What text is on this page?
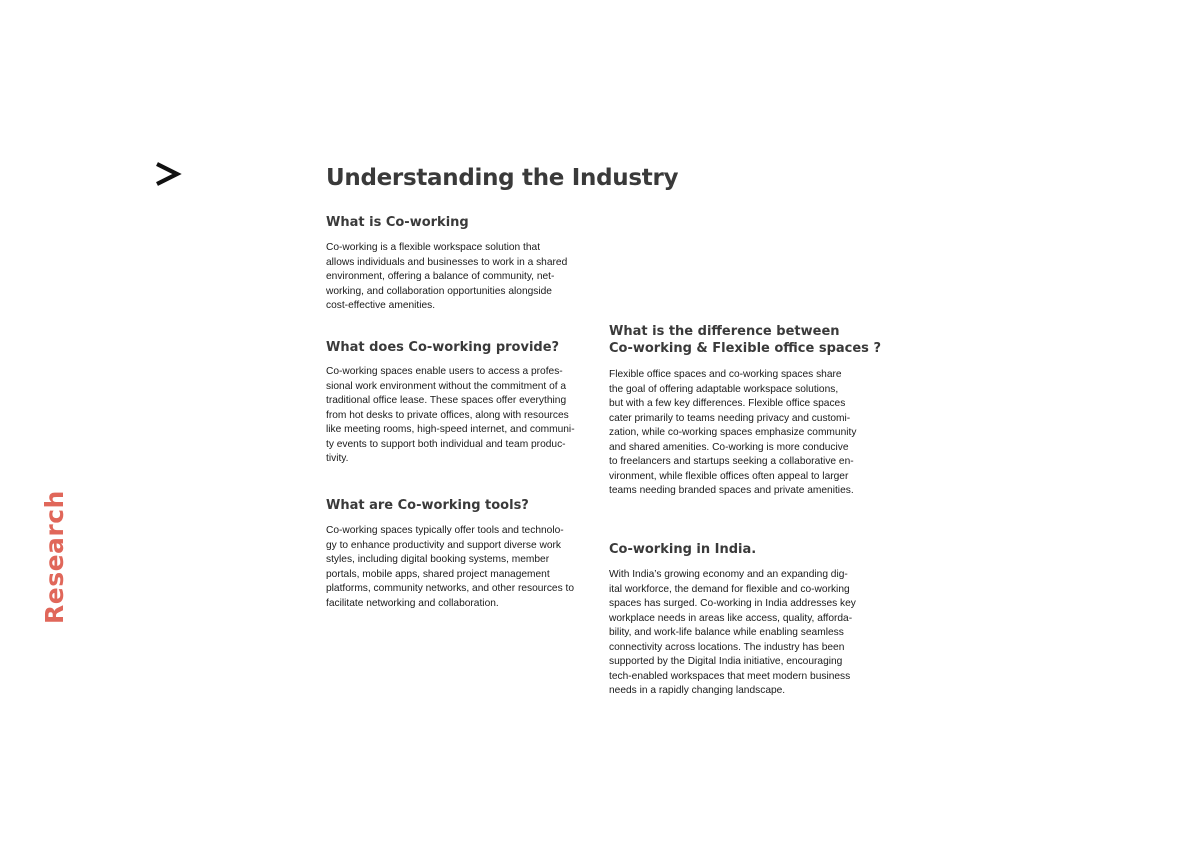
Research
Understanding the Industry
What is Co-working

Co-working is a flexible workspace solution that
allows individuals and businesses to work in a shared
environment, offering a balance of community, net-
working, and collaboration opportunities alongside
cost-effective amenities.

What does Co-working provide?

Co-working spaces enable users to access a profes-
sional work environment without the commitment of a
traditional office lease. These spaces offer everything
from hot desks to private offices, along with resources
like meeting rooms, high-speed internet, and communi-
ty events to support both individual and team produc-
tivity.

What are Co-working tools?

Co-working spaces typically offer tools and technolo-
gy to enhance productivity and support diverse work
styles, including digital booking systems, member
portals, mobile apps, shared project management
platforms, community networks, and other resources to
facilitate networking and collaboration.

What is the difference between
Co-working & Flexible office spaces ?

Flexible office spaces and co-working spaces share
the goal of offering adaptable workspace solutions,
but with a few key differences. Flexible office spaces
cater primarily to teams needing privacy and customi-
zation, while co-working spaces emphasize community
and shared amenities. Co-working is more conducive
to freelancers and startups seeking a collaborative en-
vironment, while flexible offices often appeal to larger
teams needing branded spaces and private amenities.

Co-working in India.

With India’s growing economy and an expanding dig-
ital workforce, the demand for flexible and co-working
spaces has surged. Co-working in India addresses key
workplace needs in areas like access, quality, afforda-
bility, and work-life balance while enabling seamless
connectivity across locations. The industry has been
supported by the Digital India initiative, encouraging
tech-enabled workspaces that meet modern business
needs in a rapidly changing landscape.
